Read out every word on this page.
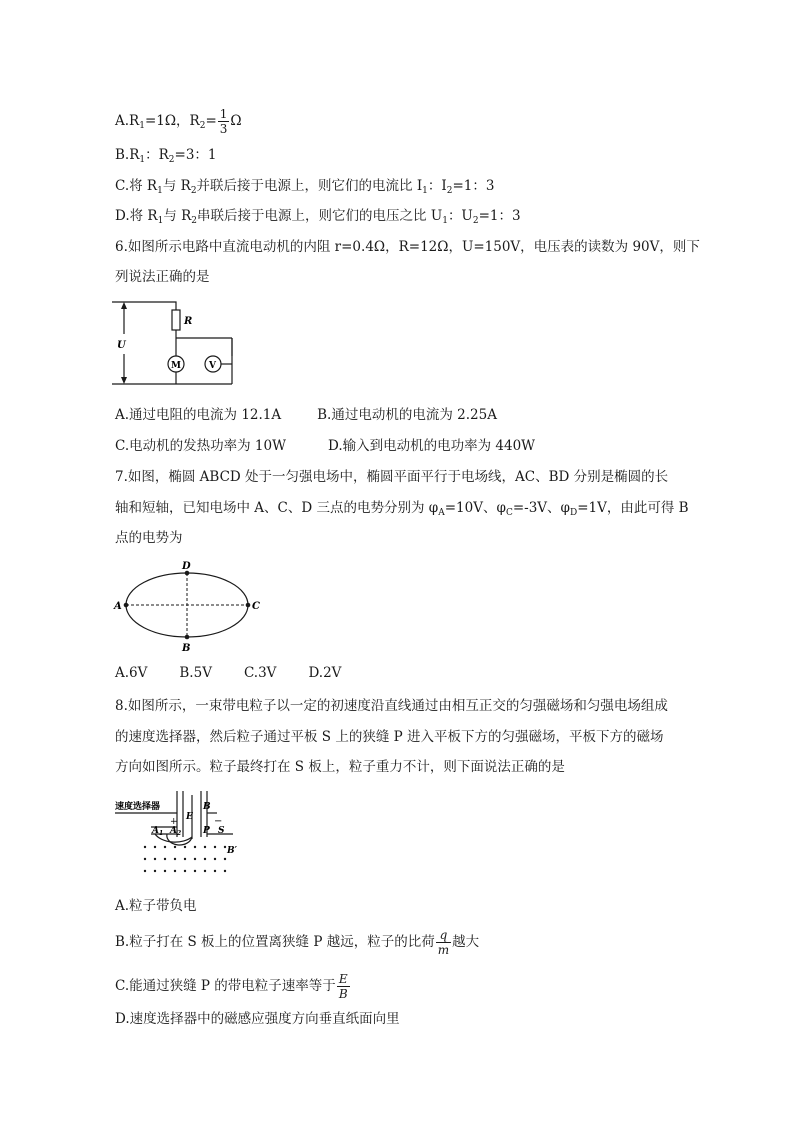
$A.R_1=1\Omega$，$R_2= \frac{1}{3}$ Ω
$B.R_1$：$R_2=3$：1
C.将 $R_1$与 $R_2$并联后接于电源上，则它们的电流比 $I_1$：$I_2=1$：3
D.将 $R_1$与 $R_2$串联后接于电源上，则它们的电压之比 $U_1$：$U_2=1$：3
6.如图所示电路中直流电动机的内阻 r=0.4Ω，R=12Ω，U=150V，电压表的读数为 90V，则下
列说法正确的是
R
U
M	V
A.通过电阻的电流为 12.1A	B.通过电动机的电流为 2.25A
C.电动机的发热功率为 10W	D.输入到电动机的电功率为 440W
7.如图，椭圆 ABCD 处于一匀强电场中，椭圆平面平行于电场线，AC、BD 分别是椭圆的长
轴和短轴，已知电场中 A、C、D 三点的电势分别为 $\varphi_A=10V$、$\varphi_C=-3V$、$\varphi_D=1V$，由此可得 B
点的电势为
A	C
D
B
A.6V B.5V C.3V D.2V
8.如图所示，一束带电粒子以一定的初速度沿直线通过由相互正交的匀强磁场和匀强电场组成
的速度选择器，然后粒子通过平板 S 上的狭缝 P 进入平板下方的匀强磁场，平板下方的磁场
方向如图所示。粒子最终打在 S 板上，粒子重力不计，则下面说法正确的是
速度选择器
+	−
E
B
$A_1$ $A_2$ P S
B′
A.粒子带负电
B.粒子打在 S 板上的位置离狭缝 P 越远，粒子的比荷 $\frac{q}{m}$ 越大
C.能通过狭缝 P 的带电粒子速率等于 $\frac{E}{B}$
D.速度选择器中的磁感应强度方向垂直纸面向里
